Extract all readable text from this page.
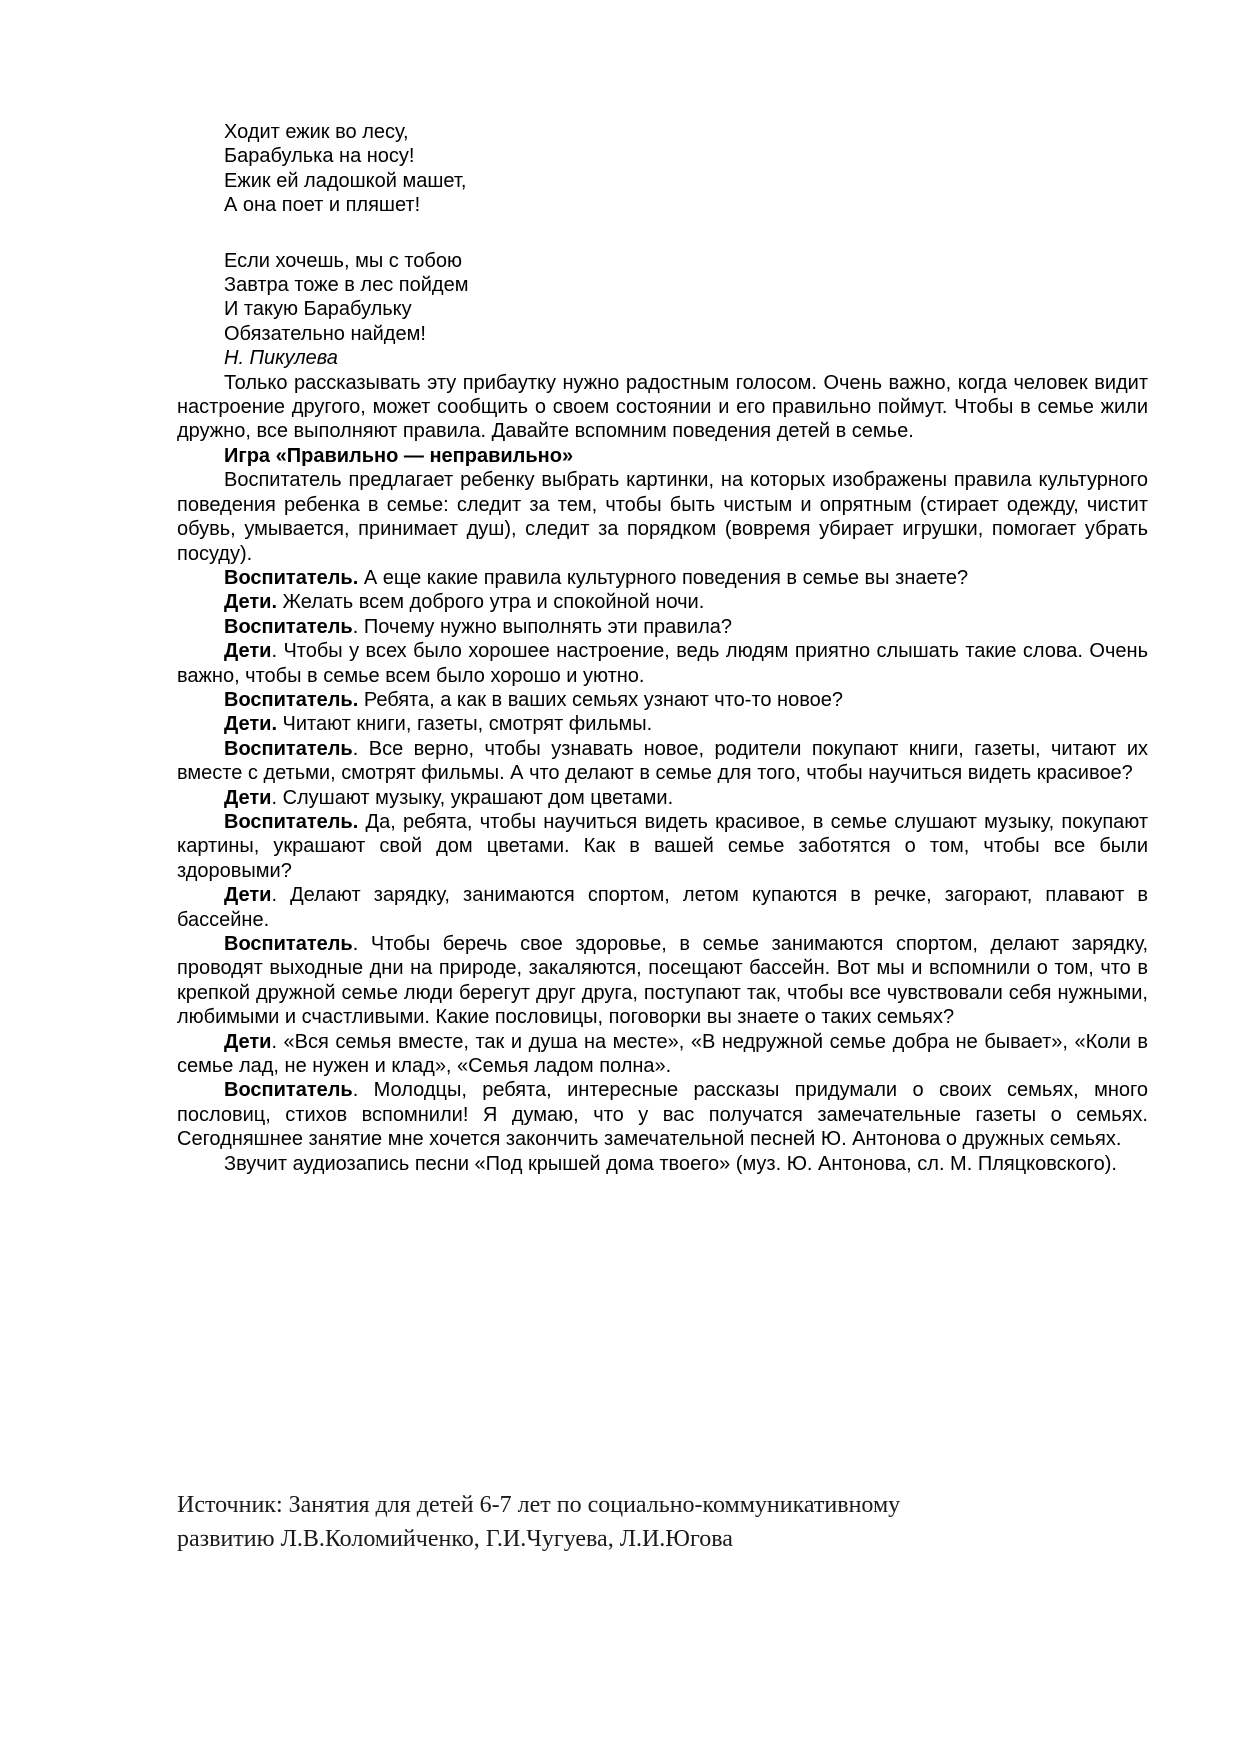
Ходит ежик во лесу,
Барабулька на носу!
Ежик ей ладошкой машет,
А она поет и пляшет!
Если хочешь, мы с тобою
Завтра тоже в лес пойдем
И такую Барабульку
Обязательно найдем!
Н. Пикулева

Только рассказывать эту прибаутку нужно радостным голосом. Очень важно, когда человек видит настроение другого, может сообщить о своем состоянии и его правильно поймут. Чтобы в семье жили дружно, все выполняют правила. Давайте вспомним поведения детей в семье.

Игра «Правильно — неправильно»

Воспитатель предлагает ребенку выбрать картинки, на которых изображены правила культурного поведения ребенка в семье: следит за тем, чтобы быть чистым и опрятным (стирает одежду, чистит обувь, умывается, принимает душ), следит за порядком (вовремя убирает игрушки, помогает убрать посуду).

Воспитатель. А еще какие правила культурного поведения в семье вы знаете?

Дети. Желать всем доброго утра и спокойной ночи.

Воспитатель. Почему нужно выполнять эти правила?

Дети. Чтобы у всех было хорошее настроение, ведь людям приятно слышать такие слова. Очень важно, чтобы в семье всем было хорошо и уютно.

Воспитатель. Ребята, а как в ваших семьях узнают что-то новое?

Дети. Читают книги, газеты, смотрят фильмы.

Воспитатель. Все верно, чтобы узнавать новое, родители покупают книги, газеты, читают их вместе с детьми, смотрят фильмы. А что делают в семье для того, чтобы научиться видеть красивое?

Дети. Слушают музыку, украшают дом цветами.

Воспитатель. Да, ребята, чтобы научиться видеть красивое, в семье слушают музыку, покупают картины, украшают свой дом цветами. Как в вашей семье заботятся о том, чтобы все были здоровыми?

Дети. Делают зарядку, занимаются спортом, летом купаются в речке, загорают, плавают в бассейне.

Воспитатель. Чтобы беречь свое здоровье, в семье занимаются спортом, делают зарядку, проводят выходные дни на природе, закаляются, посещают бассейн. Вот мы и вспомнили о том, что в крепкой дружной семье люди берегут друг друга, поступают так, чтобы все чувствовали себя нужными, любимыми и счастливыми. Какие пословицы, поговорки вы знаете о таких семьях?

Дети. «Вся семья вместе, так и душа на месте», «В недружной семье добра не бывает», «Коли в семье лад, не нужен и клад», «Семья ладом полна».

Воспитатель. Молодцы, ребята, интересные рассказы придумали о своих семьях, много пословиц, стихов вспомнили! Я думаю, что у вас получатся замечательные газеты о семьях. Сегодняшнее занятие мне хочется закончить замечательной песней Ю. Антонова о дружных семьях.

Звучит аудиозапись песни «Под крышей дома твоего» (муз. Ю. Антонова, сл. М. Пляцковского).

Источник: Занятия для детей 6-7 лет по социально-коммуникативному
развитию Л.В.Коломийченко, Г.И.Чугуева, Л.И.Югова
